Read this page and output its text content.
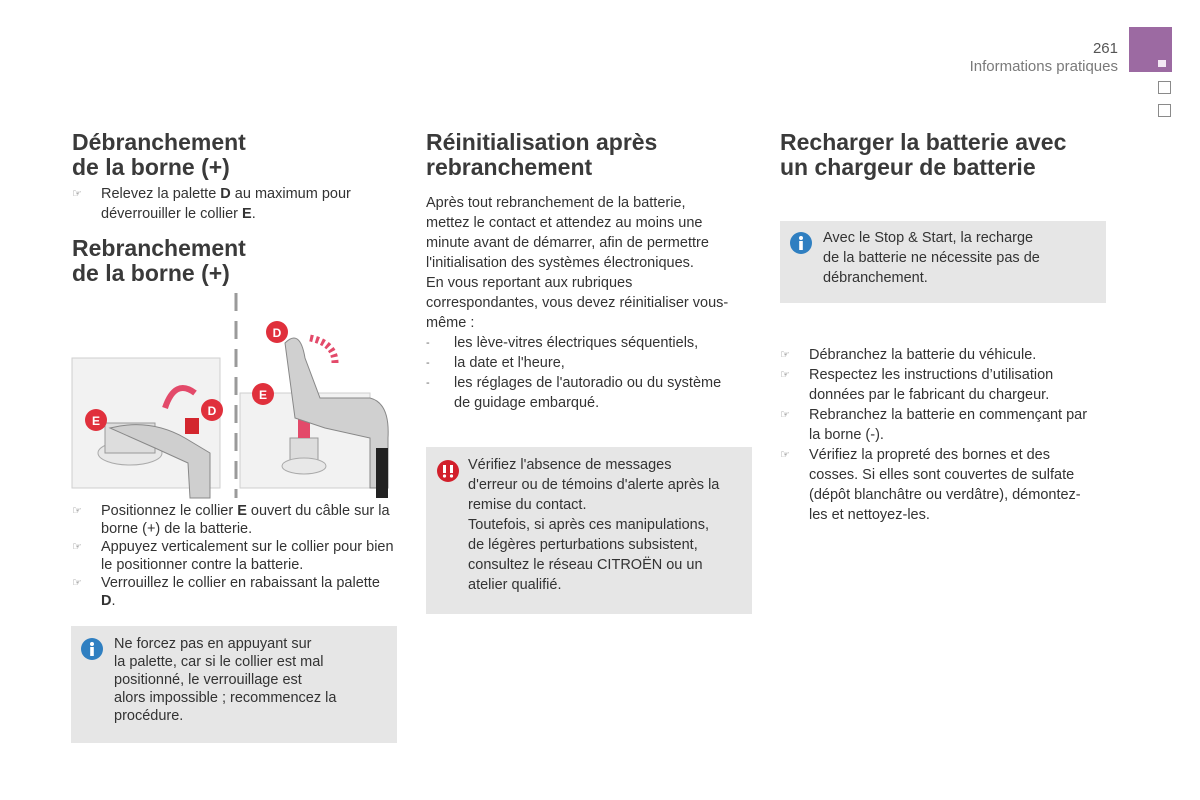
261
Informations pratiques
Débranchement
de la borne (+)
☞ Relevez la palette D au maximum pour déverrouiller le collier E.
Rebranchement
de la borne (+)
E
D
D
E
☞ Positionnez le collier E ouvert du câble sur la borne (+) de la batterie.
☞ Appuyez verticalement sur le collier pour bien le positionner contre la batterie.
☞ Verrouillez le collier en rabaissant la palette D.
Ne forcez pas en appuyant sur
la palette, car si le collier est mal
positionné, le verrouillage est
alors impossible ; recommencez la
procédure.
Réinitialisation après
rebranchement
Après tout rebranchement de la batterie,
mettez le contact et attendez au moins une
minute avant de démarrer, afin de permettre
l'initialisation des systèmes électroniques.
En vous reportant aux rubriques
correspondantes, vous devez réinitialiser vous-
même :
- les lève-vitres électriques séquentiels,
- la date et l'heure,
- les réglages de l'autoradio ou du système
de guidage embarqué.
Vérifiez l'absence de messages
d'erreur ou de témoins d'alerte après la
remise du contact.
Toutefois, si après ces manipulations,
de légères perturbations subsistent,
consultez le réseau CITROËN ou un
atelier qualifié.
Recharger la batterie avec
un chargeur de batterie
Avec le Stop & Start, la recharge
de la batterie ne nécessite pas de
débranchement.
☞ Débranchez la batterie du véhicule.
☞ Respectez les instructions d’utilisation
données par le fabricant du chargeur.
☞ Rebranchez la batterie en commençant par
la borne (-).
☞ Vérifiez la propreté des bornes et des
cosses. Si elles sont couvertes de sulfate
(dépôt blanchâtre ou verdâtre), démontez-
les et nettoyez-les.
